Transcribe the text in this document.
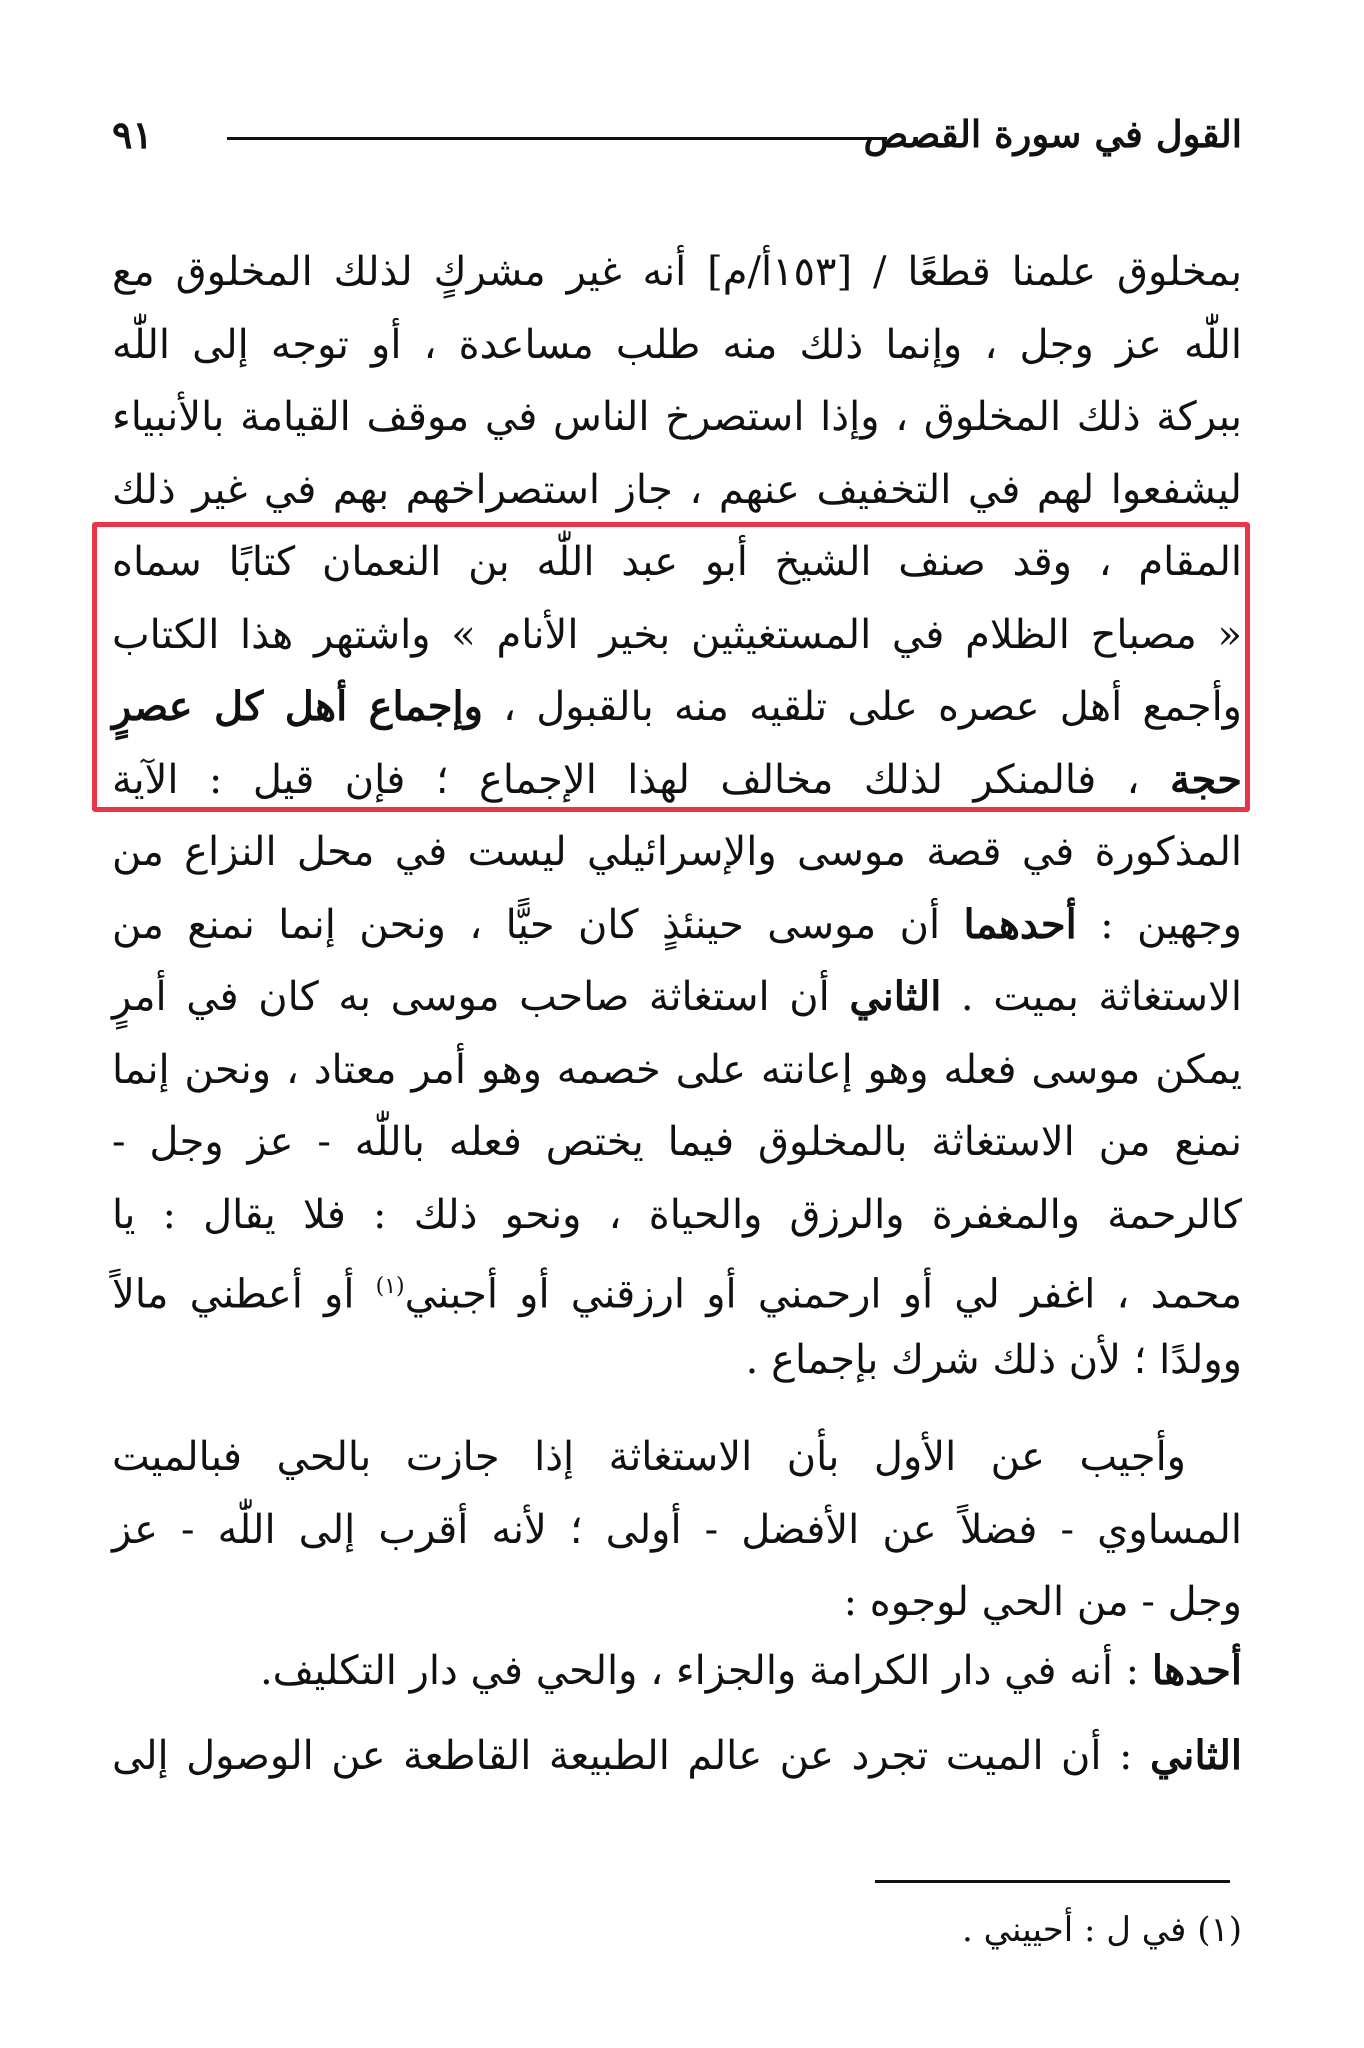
القول في سورة القصص
٩١
بمخلوق علمنا قطعًا / [١٥٣أ/م] أنه غير مشركٍ لذلك المخلوق مع
اللّٰه عز وجل ، وإنما ذلك منه طلب مساعدة ، أو توجه إلى اللّٰه
ببركة ذلك المخلوق ، وإذا استصرخ الناس في موقف القيامة بالأنبياء
ليشفعوا لهم في التخفيف عنهم ، جاز استصراخهم بهم في غير ذلك
المقام ، وقد صنف الشيخ أبو عبد اللّٰه بن النعمان كتابًا سماه
« مصباح الظلام في المستغيثين بخير الأنام » واشتهر هذا الكتاب
وأجمع أهل عصره على تلقيه منه بالقبول ، وإجماع أهل كل عصرٍ
حجة ، فالمنكر لذلك مخالف لهذا الإجماع ؛ فإن قيل : الآية
المذكورة في قصة موسى والإسرائيلي ليست في محل النزاع من
وجهين : أحدهما أن موسى حينئذٍ كان حيًّا ، ونحن إنما نمنع من
الاستغاثة بميت . الثاني أن استغاثة صاحب موسى به كان في أمرٍ
يمكن موسى فعله وهو إعانته على خصمه وهو أمر معتاد ، ونحن إنما
نمنع من الاستغاثة بالمخلوق فيما يختص فعله باللّٰه - عز وجل -
كالرحمة والمغفرة والرزق والحياة ، ونحو ذلك : فلا يقال : يا
محمد ، اغفر لي أو ارحمني أو ارزقني أو أجبني$^{(١)}$ أو أعطني مالاً
وولدًا ؛ لأن ذلك شرك بإجماع .
وأجيب عن الأول بأن الاستغاثة إذا جازت بالحي فبالميت
المساوي - فضلاً عن الأفضل - أولى ؛ لأنه أقرب إلى اللّٰه - عز
وجل - من الحي لوجوه :
أحدها : أنه في دار الكرامة والجزاء ، والحي في دار التكليف.
الثاني : أن الميت تجرد عن عالم الطبيعة القاطعة عن الوصول إلى
(١) في ل : أحييني .
